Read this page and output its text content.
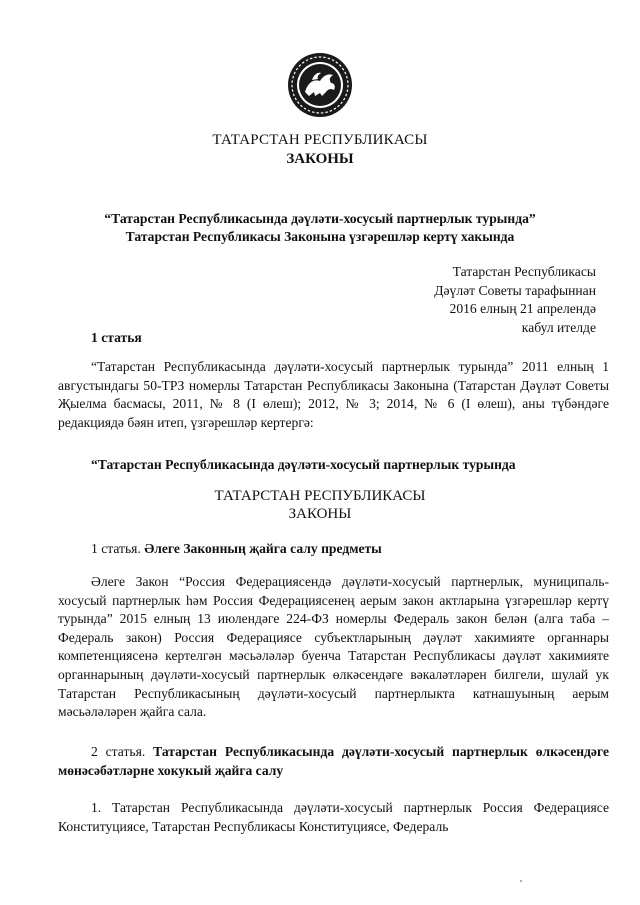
ТАТАРСТАН РЕСПУБЛИКАСЫ
ЗАКОНЫ
“Татарстан Республикасында дәүләти-хосусый партнерлык турында”
Татарстан Республикасы Законына үзгәрешләр кертү хакында
Татарстан Республикасы
Дәүләт Советы тарафыннан
2016 елның 21 апрелендә
кабул ителде
1 статья
“Татарстан Республикасында дәүләти-хосусый партнерлык турында” 2011 елның 1 августындагы 50-ТРЗ номерлы Татарстан Республикасы Законына (Татарстан Дәүләт Советы Җыелма басмасы, 2011, № 8 (I өлеш); 2012, № 3; 2014, № 6 (I өлеш), аны түбәндәге редакциядә бәян итеп, үзгәрешләр кертергә:
“Татарстан Республикасында дәүләти-хосусый партнерлык турында
ТАТАРСТАН РЕСПУБЛИКАСЫ
ЗАКОНЫ
1 статья. Әлеге Законның җайга салу предметы
Әлеге Закон “Россия Федерациясендә дәүләти-хосусый партнерлык, муниципаль-хосусый партнерлык һәм Россия Федерациясенең аерым закон актларына үзгәрешләр кертү турында” 2015 елның 13 июлендәге 224-ФЗ номерлы Федераль закон белән (алга таба – Федераль закон) Россия Федерациясе субъектларының дәүләт хакимияте органнары компетенциясенә кертелгән мәсьәләләр буенча Татарстан Республикасы дәүләт хакимияте органнарының дәүләти-хосусый партнерлык өлкәсендәге вәкаләтләрен билгели, шулай ук Татарстан Республикасының дәүләти-хосусый партнерлыкта катнашуының аерым мәсьәләләрен җайга сала.
2 статья. Татарстан Республикасында дәүләти-хосусый партнерлык өлкәсендәге мөнәсәбәтләрне хокукый җайга салу
1. Татарстан Республикасында дәүләти-хосусый партнерлык Россия Федерациясе Конституциясе, Татарстан Республикасы Конституциясе, Федераль
